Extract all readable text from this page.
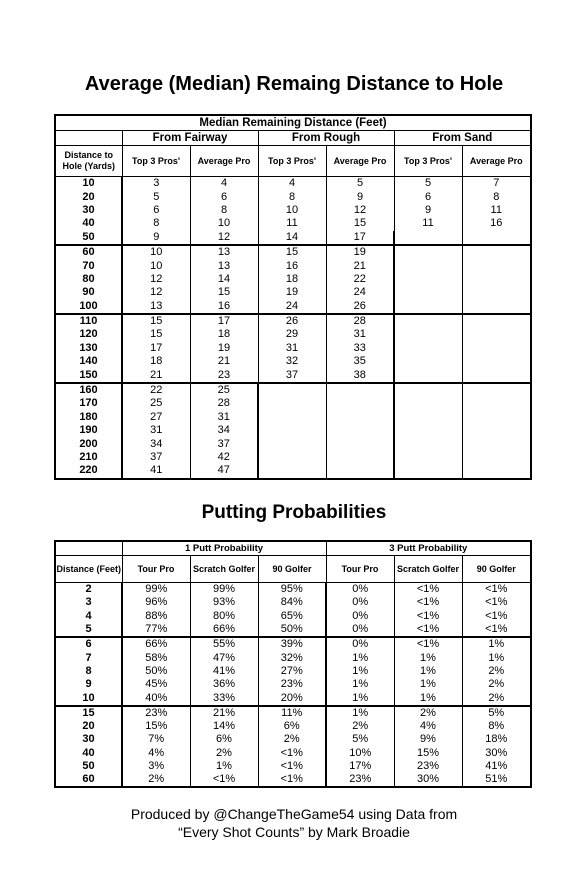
Average (Median) Remaing Distance to Hole
Median Remaining Distance (Feet)						
	From Fairway		From Rough		From Sand	
Distance to Hole (Yards)	Top 3 Pros'	Average Pro	Top 3 Pros'	Average Pro	Top 3 Pros'	Average Pro
10	3	4	4	5	5	7
20	5	6	8	9	6	8
30	6	8	10	12	9	11
40	8	10	11	15	11	16
50	9	12	14	17		
60	10	13	15	19		
70	10	13	16	21		
80	12	14	18	22		
90	12	15	19	24		
100	13	16	24	26		
110	15	17	26	28		
120	15	18	29	31		
130	17	19	31	33		
140	18	21	32	35		
150	21	23	37	38		
160	22	25				
170	25	28				
180	27	31				
190	31	34				
200	34	37				
210	37	42				
220	41	47				
Putting Probabilities
	1 Putt Probability			3 Putt Probability		
Distance (Feet)	Tour Pro	Scratch Golfer	90 Golfer	Tour Pro	Scratch Golfer	90 Golfer
2	99%	99%	95%	0%	<1%	<1%
3	96%	93%	84%	0%	<1%	<1%
4	88%	80%	65%	0%	<1%	<1%
5	77%	66%	50%	0%	<1%	<1%
6	66%	55%	39%	0%	<1%	1%
7	58%	47%	32%	1%	1%	1%
8	50%	41%	27%	1%	1%	2%
9	45%	36%	23%	1%	1%	2%
10	40%	33%	20%	1%	1%	2%
15	23%	21%	11%	1%	2%	5%
20	15%	14%	6%	2%	4%	8%
30	7%	6%	2%	5%	9%	18%
40	4%	2%	<1%	10%	15%	30%
50	3%	1%	<1%	17%	23%	41%
60	2%	<1%	<1%	23%	30%	51%
Produced by @ChangeTheGame54 using Data from
“Every Shot Counts” by Mark Broadie
